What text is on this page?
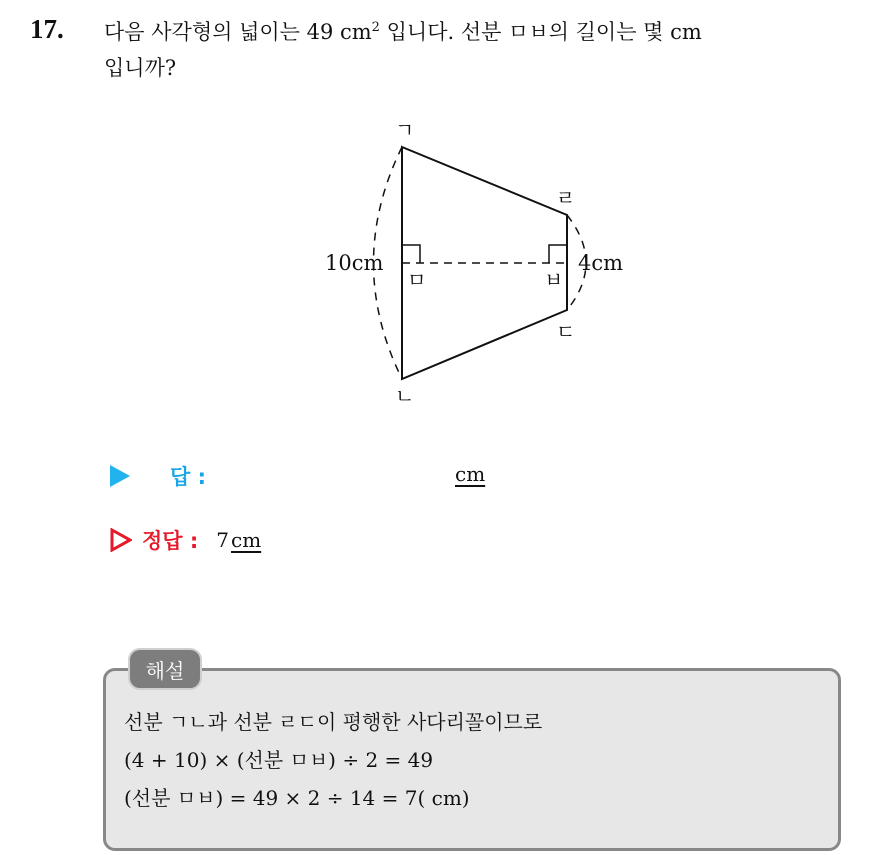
17. 다음 사각형의 넓이는 49 $cm^2$ 입니다. 선분 ㅁㅂ의 길이는 몇 cm
입니까?
ㄱ
ㄹ
ㄷ
ㄴ
ㅁ	ㅂ
10cm	4cm
답 :	cm
정답 : 7 cm
해설
선분 ㄱㄴ과 선분 ㄹㄷ이 평행한 사다리꼴이므로
(4 + 10) × (선분 ㅁㅂ) ÷ 2 = 49
(선분 ㅁㅂ) = 49 × 2 ÷ 14 = 7( cm)
